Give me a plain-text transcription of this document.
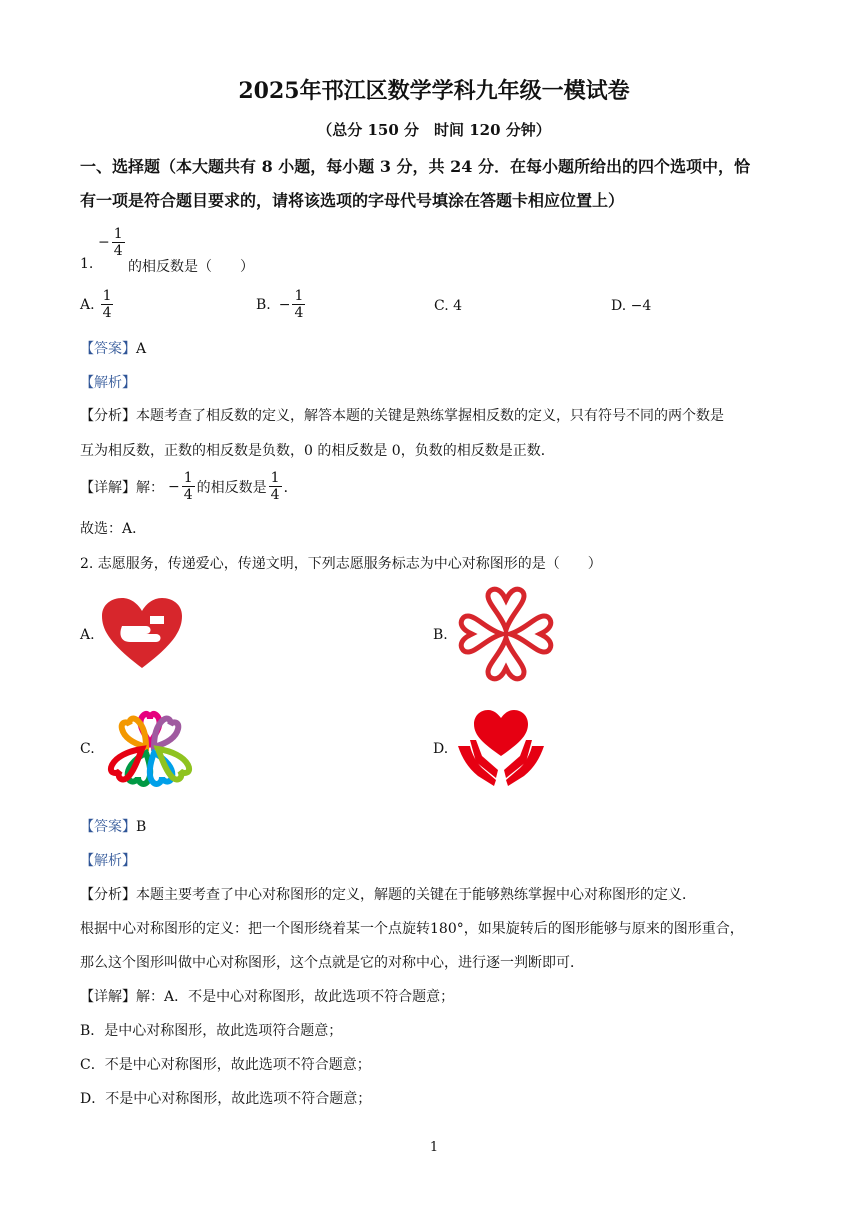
2025年邗江区数学学科九年级一模试卷
（总分 150 分　时间 120 分钟）
一、选择题（本大题共有 8 小题，每小题 3 分，共 24 分．在每小题所给出的四个选项中，恰
有一项是符合题目要求的，请将该选项的字母代号填涂在答题卡相应位置上）
− $\frac{1}{4}$
1. 的相反数是（　　）
A. $\frac{1}{4}$	B. − $\frac{1}{4}$	C. 4	D. −4
【答案】A
【解析】
【分析】本题考查了相反数的定义，解答本题的关键是熟练掌握相反数的定义，只有符号不同的两个数是
互为相反数，正数的相反数是负数，0 的相反数是 0，负数的相反数是正数．
【详解】 解： − $\frac{1}{4}$ 的相反数是 $\frac{1}{4}$ ．
故选：A．
2. 志愿服务，传递爱心，传递文明，下列志愿服务标志为中心对称图形的是（　　）
A.	B.
C.	D.
【答案】B
【解析】
【分析】本题主要考查了中心对称图形的定义，解题的关键在于能够熟练掌握中心对称图形的定义．
根据中心对称图形的定义：把一个图形绕着某一个点旋转180°，如果旋转后的图形能够与原来的图形重合，
那么这个图形叫做中心对称图形，这个点就是它的对称中心，进行逐一判断即可．
【详解】解：A．不是中心对称图形，故此选项不符合题意；
B．是中心对称图形，故此选项符合题意；
C．不是中心对称图形，故此选项不符合题意；
D．不是中心对称图形，故此选项不符合题意；
1
